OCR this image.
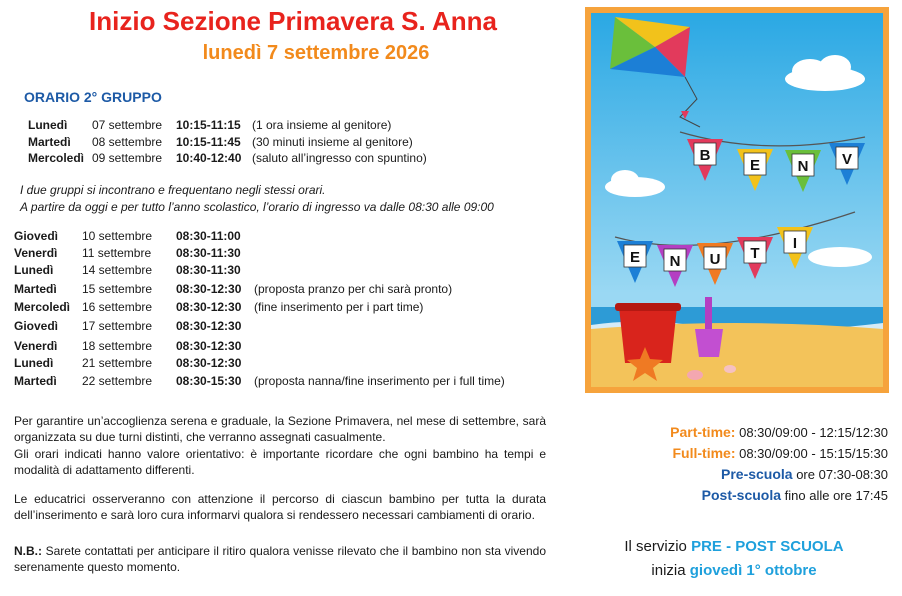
Inizio Sezione Primavera S. Anna
lunedì 7 settembre 2026
ORARIO 2° GRUPPO
Lunedì 07 settembre 10:15-11:15 (1 ora insieme al genitore)
Martedì 08 settembre 10:15-11:45 (30 minuti insieme al genitore)
Mercoledì 09 settembre 10:40-12:40 (saluto all’ingresso con spuntino)
I due gruppi si incontrano e frequentano negli stessi orari.
A partire da oggi e per tutto l’anno scolastico, l’orario di ingresso va dalle 08:30 alle 09:00
Giovedì 10 settembre 08:30-11:00
Venerdì 11 settembre 08:30-11:30
Lunedì 14 settembre 08:30-11:30
Martedì 15 settembre 08:30-12:30 (proposta pranzo per chi sarà pronto)
Mercoledì 16 settembre 08:30-12:30 (fine inserimento per i part time)
Giovedì 17 settembre 08:30-12:30
Venerdì 18 settembre 08:30-12:30
Lunedì 21 settembre 08:30-12:30
Martedì 22 settembre 08:30-15:30 (proposta nanna/fine inserimento per i full time)
Per garantire un’accoglienza serena e graduale, la Sezione Primavera, nel mese di settembre, sarà organizzata su due turni distinti, che verranno assegnati casualmente.
Gli orari indicati hanno valore orientativo: è importante ricordare che ogni bambino ha tempi e modalità di adattamento differenti.
Le educatrici osserveranno con attenzione il percorso di ciascun bambino per tutta la durata dell’inserimento e sarà loro cura informarvi qualora si rendessero necessari cambiamenti di orario.
N.B.: Sarete contattati per anticipare il ritiro qualora venisse rilevato che il bambino non sta vivendo serenamente questo momento.
B
E	N V
E N U T
I
Part-time: 08:30/09:00 - 12:15/12:30
Full-time: 08:30/09:00 - 15:15/15:30
Pre-scuola ore 07:30-08:30
Post-scuola fino alle ore 17:45
Il servizio PRE - POST SCUOLA
inizia giovedì 1° ottobre
